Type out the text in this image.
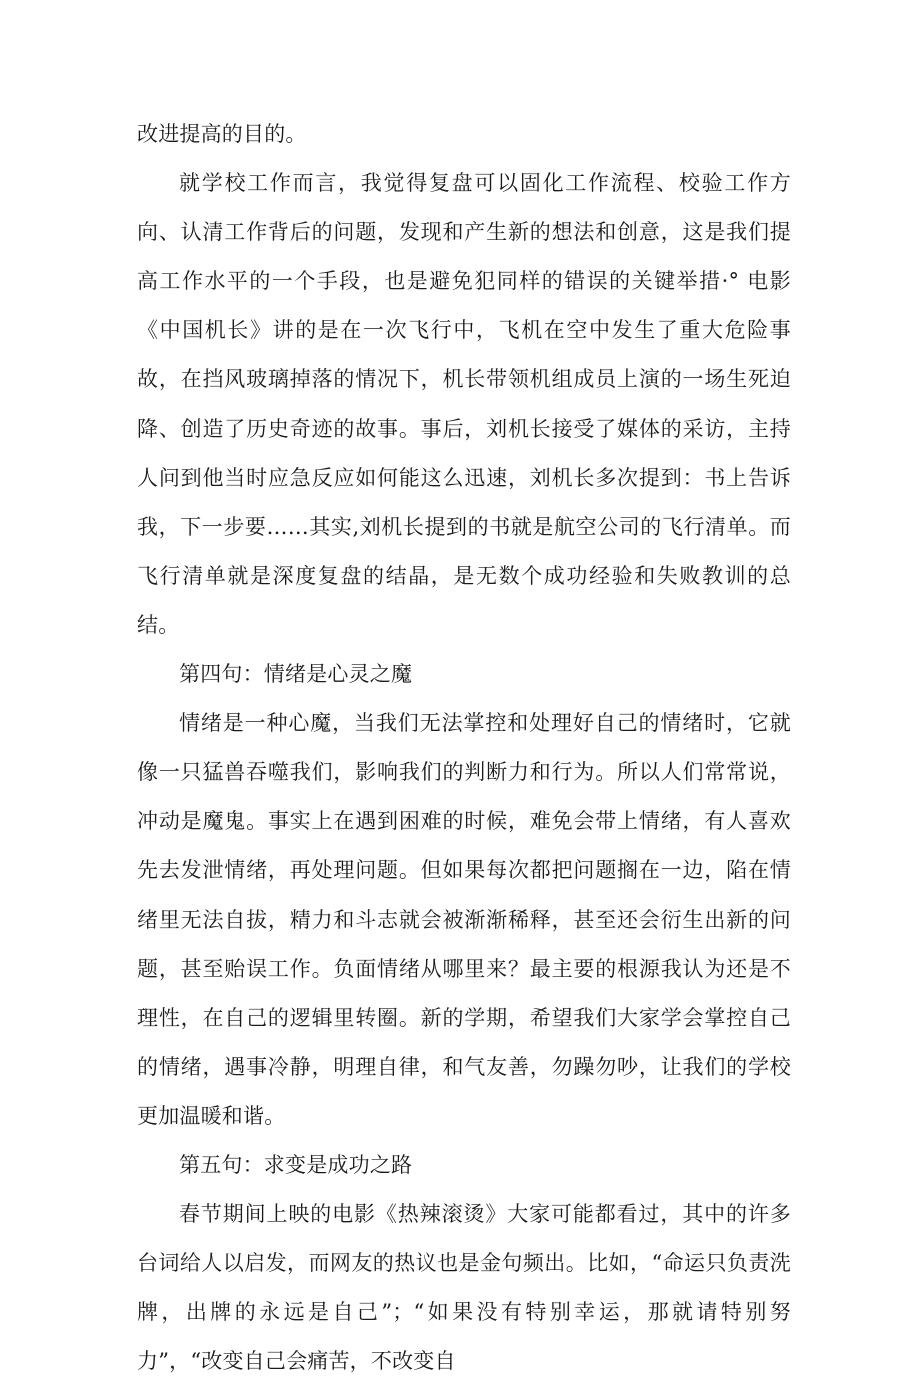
改进提高的目的。

就学校工作而言，我觉得复盘可以固化工作流程、校验工作方向、认清工作背后的问题，发现和产生新的想法和创意，这是我们提高工作水平的一个手段，也是避免犯同样的错误的关键举措·° 电影《中国机长》讲的是在一次飞行中，飞机在空中发生了重大危险事故，在挡风玻璃掉落的情况下，机长带领机组成员上演的一场生死迫降、创造了历史奇迹的故事。事后，刘机长接受了媒体的采访，主持人问到他当时应急反应如何能这么迅速，刘机长多次提到：书上告诉我，下一步要……其实,刘机长提到的书就是航空公司的飞行清单。而飞行清单就是深度复盘的结晶，是无数个成功经验和失败教训的总结。

第四句：情绪是心灵之魔

情绪是一种心魔，当我们无法掌控和处理好自己的情绪时，它就像一只猛兽吞噬我们，影响我们的判断力和行为。所以人们常常说，冲动是魔鬼。事实上在遇到困难的时候，难免会带上情绪，有人喜欢先去发泄情绪，再处理问题。但如果每次都把问题搁在一边，陷在情绪里无法自拔，精力和斗志就会被渐渐稀释，甚至还会衍生出新的问题，甚至贻误工作。负面情绪从哪里来？最主要的根源我认为还是不理性，在自己的逻辑里转圈。新的学期，希望我们大家学会掌控自己的情绪，遇事冷静，明理自律，和气友善，勿躁勿吵，让我们的学校更加温暖和谐。

第五句：求变是成功之路

春节期间上映的电影《热辣滚烫》大家可能都看过，其中的许多台词给人以启发，而网友的热议也是金句频出。比如，“命运只负责洗牌，出牌的永远是自己”；“如果没有特别幸运，那就请特别努力”，“改变自己会痛苦，不改变自
